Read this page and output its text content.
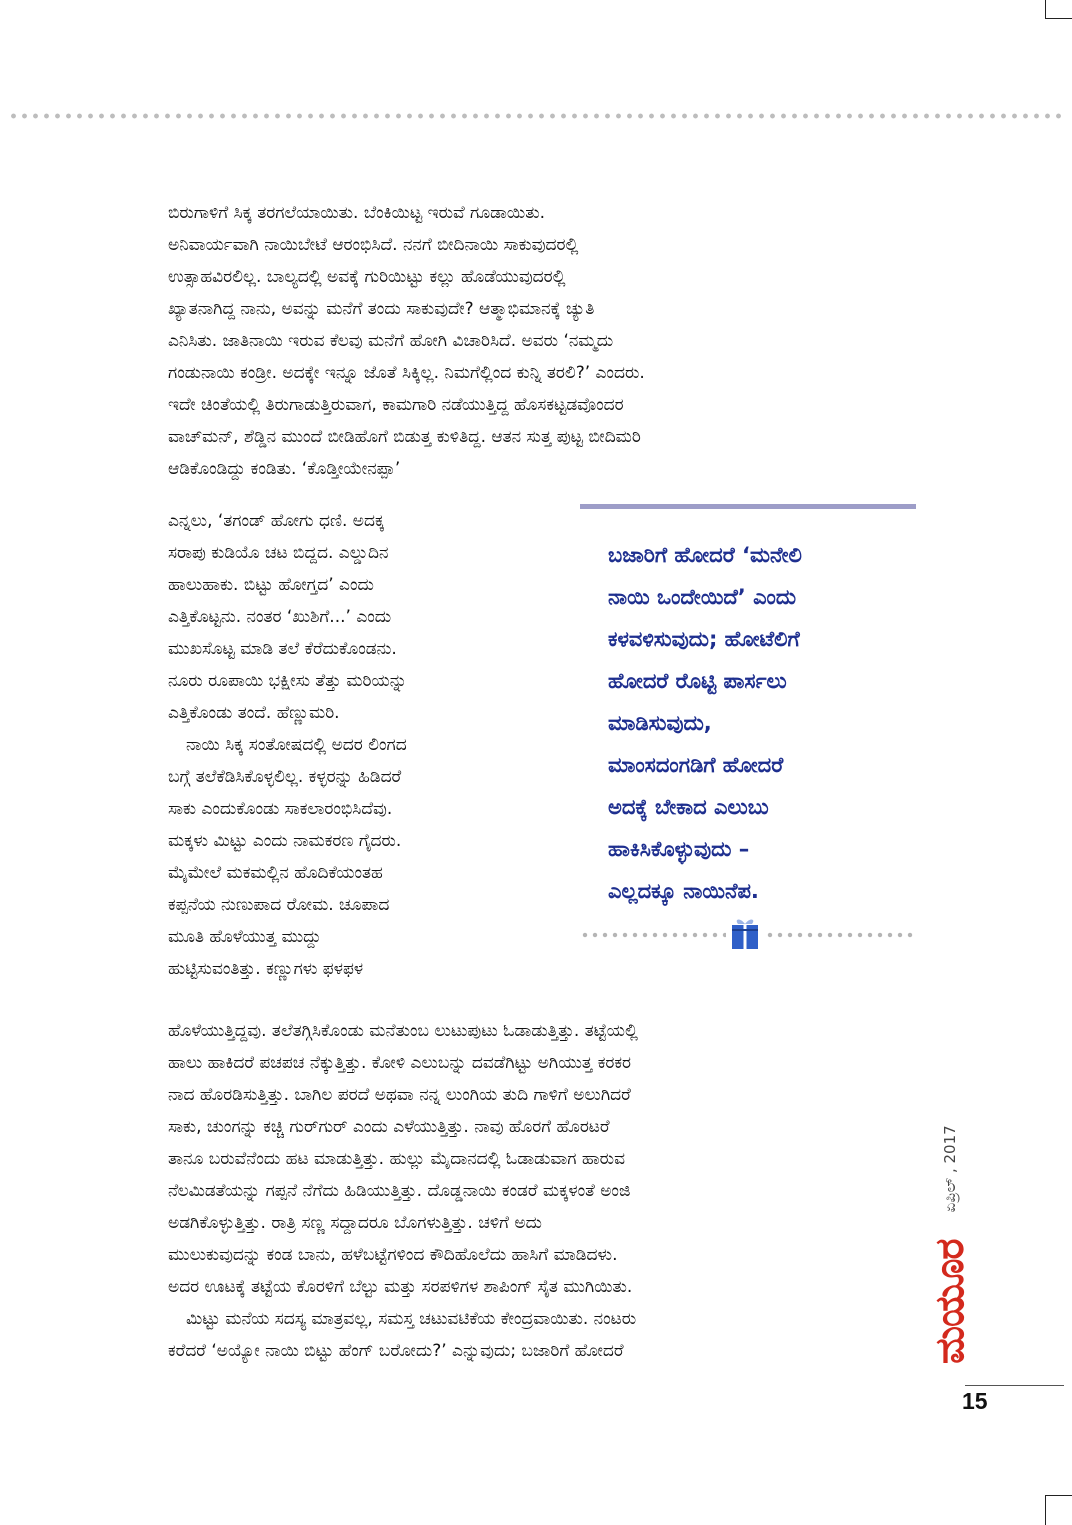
ಬಿರುಗಾಳಿಗೆ ಸಿಕ್ಕ ತರಗಲೆಯಾಯಿತು. ಬೆಂಕಿಯಿಟ್ಟ ಇರುವೆ ಗೂಡಾಯಿತು.

ಅನಿವಾರ್ಯವಾಗಿ ನಾಯಿಬೇಟೆ ಆರಂಭಿಸಿದೆ. ನನಗೆ ಬೀದಿನಾಯಿ ಸಾಕುವುದರಲ್ಲಿ

ಉತ್ಸಾಹವಿರಲಿಲ್ಲ. ಬಾಲ್ಯದಲ್ಲಿ ಅವಕ್ಕೆ ಗುರಿಯಿಟ್ಟು ಕಲ್ಲು ಹೊಡೆಯುವುದರಲ್ಲಿ

ಖ್ಯಾತನಾಗಿದ್ದ ನಾನು, ಅವನ್ನು ಮನೆಗೆ ತಂದು ಸಾಕುವುದೇ? ಆತ್ಮಾಭಿಮಾನಕ್ಕೆ ಚ್ಯುತಿ

ಎನಿಸಿತು. ಜಾತಿನಾಯಿ ಇರುವ ಕೆಲವು ಮನೆಗೆ ಹೋಗಿ ವಿಚಾರಿಸಿದೆ. ಅವರು ‘ನಮ್ಮದು

ಗಂಡುನಾಯಿ ಕಂಡ್ರೀ. ಅದಕ್ಕೇ ಇನ್ನೂ ಜೊತೆ ಸಿಕ್ಕಿಲ್ಲ. ನಿಮಗೆಲ್ಲಿಂದ ಕುನ್ನಿ ತರಲಿ?’ ಎಂದರು.

ಇದೇ ಚಿಂತೆಯಲ್ಲಿ ತಿರುಗಾಡುತ್ತಿರುವಾಗ, ಕಾಮಗಾರಿ ನಡೆಯುತ್ತಿದ್ದ ಹೊಸಕಟ್ಟಡವೊಂದರ

ವಾಚ್‌ಮನ್, ಶೆಡ್ಡಿನ ಮುಂದೆ ಬೀಡಿಹೊಗೆ ಬಿಡುತ್ತ ಕುಳಿತಿದ್ದ. ಆತನ ಸುತ್ತ ಪುಟ್ಟ ಬೀದಿಮರಿ

ಆಡಿಕೊಂಡಿದ್ದು ಕಂಡಿತು. ‘ಕೊಡ್ತೀಯೇನಪ್ಪಾ’

ಎನ್ನಲು, ‘ತಗಂಡ್ ಹೋಗು ಧಣಿ. ಅದಕ್ಕ

ಸರಾಪು ಕುಡಿಯೊ ಚಟ ಬಿದ್ದದ. ಎಲ್ಡುದಿನ

ಹಾಲುಹಾಕು. ಬಿಟ್ಟು ಹೋಗ್ತದ’ ಎಂದು

ಎತ್ತಿಕೊಟ್ಟನು. ನಂತರ ‘ಖುಶಿಗೆ...’ ಎಂದು

ಮುಖಸೊಟ್ಟ ಮಾಡಿ ತಲೆ ಕೆರೆದುಕೊಂಡನು.

ನೂರು ರೂಪಾಯಿ ಭಕ್ಷೀಸು ತೆತ್ತು ಮರಿಯನ್ನು

ಎತ್ತಿಕೊಂಡು ತಂದೆ. ಹೆಣ್ಣುಮರಿ.

ನಾಯಿ ಸಿಕ್ಕ ಸಂತೋಷದಲ್ಲಿ ಅದರ ಲಿಂಗದ

ಬಗ್ಗೆ ತಲೆಕೆಡಿಸಿಕೊಳ್ಳಲಿಲ್ಲ. ಕಳ್ಳರನ್ನು ಹಿಡಿದರೆ

ಸಾಕು ಎಂದುಕೊಂಡು ಸಾಕಲಾರಂಭಿಸಿದೆವು.

ಮಕ್ಕಳು ಮಿಟ್ಟು ಎಂದು ನಾಮಕರಣ ಗೈದರು.

ಮೈಮೇಲೆ ಮಕಮಲ್ಲಿನ ಹೊದಿಕೆಯಂತಹ

ಕಪ್ಪನೆಯ ನುಣುಪಾದ ರೋಮ. ಚೂಪಾದ

ಮೂತಿ ಹೊಳೆಯುತ್ತ ಮುದ್ದು

ಹುಟ್ಟಿಸುವಂತಿತ್ತು. ಕಣ್ಣುಗಳು ಫಳಫಳ

ಹೊಳೆಯುತ್ತಿದ್ದವು. ತಲೆತಗ್ಗಿಸಿಕೊಂಡು ಮನೆತುಂಬ ಲುಟುಪುಟು ಓಡಾಡುತ್ತಿತ್ತು. ತಟ್ಟೆಯಲ್ಲಿ

ಹಾಲು ಹಾಕಿದರೆ ಪಚಪಚ ನೆಕ್ಕುತ್ತಿತ್ತು. ಕೋಳಿ ಎಲುಬನ್ನು ದವಡೆಗಿಟ್ಟು ಅಗಿಯುತ್ತ ಕರಕರ

ನಾದ ಹೊರಡಿಸುತ್ತಿತ್ತು. ಬಾಗಿಲ ಪರದೆ ಅಥವಾ ನನ್ನ ಲುಂಗಿಯ ತುದಿ ಗಾಳಿಗೆ ಅಲುಗಿದರೆ

ಸಾಕು, ಚುಂಗನ್ನು ಕಚ್ಚಿ ಗುರ್‌ಗುರ್ ಎಂದು ಎಳೆಯುತ್ತಿತ್ತು. ನಾವು ಹೊರಗೆ ಹೊರಟರೆ

ತಾನೂ ಬರುವೆನೆಂದು ಹಟ ಮಾಡುತ್ತಿತ್ತು. ಹುಲ್ಲು ಮೈದಾನದಲ್ಲಿ ಓಡಾಡುವಾಗ ಹಾರುವ

ನೆಲಮಿಡತೆಯನ್ನು ಗಪ್ಪನೆ ನೆಗೆದು ಹಿಡಿಯುತ್ತಿತ್ತು. ದೊಡ್ಡನಾಯಿ ಕಂಡರೆ ಮಕ್ಕಳಂತೆ ಅಂಜಿ

ಅಡಗಿಕೊಳ್ಳುತ್ತಿತ್ತು. ರಾತ್ರಿ ಸಣ್ಣ ಸದ್ದಾದರೂ ಬೊಗಳುತ್ತಿತ್ತು. ಚಳಿಗೆ ಅದು

ಮುಲುಕುವುದನ್ನು ಕಂಡ ಬಾನು, ಹಳೆಬಟ್ಟೆಗಳಿಂದ ಕೌದಿಹೊಲೆದು ಹಾಸಿಗೆ ಮಾಡಿದಳು.

ಅದರ ಊಟಕ್ಕೆ ತಟ್ಟೆಯ ಕೊರಳಿಗೆ ಬೆಲ್ಟು ಮತ್ತು ಸರಪಳಿಗಳ ಶಾಪಿಂಗ್ ಸೈತ ಮುಗಿಯಿತು.

ಮಿಟ್ಟು ಮನೆಯ ಸದಸ್ಯ ಮಾತ್ರವಲ್ಲ, ಸಮಸ್ತ ಚಟುವಟಿಕೆಯ ಕೇಂದ್ರವಾಯಿತು. ನಂಟರು

ಕರೆದರೆ ‘ಅಯ್ಯೋ ನಾಯಿ ಬಿಟ್ಟು ಹೆಂಗ್ ಬರೋದು?’ ಎನ್ನುವುದು; ಬಜಾರಿಗೆ ಹೋದರೆ

ಬಜಾರಿಗೆ ಹೋದರೆ ‘ಮನೇಲಿ
ನಾಯಿ ಒಂದೇಯಿದೆ’ ಎಂದು
ಕಳವಳಿಸುವುದು; ಹೋಟೆಲಿಗೆ
ಹೋದರೆ ರೊಟ್ಟಿ ಪಾರ್ಸಲು
ಮಾಡಿಸುವುದು,
ಮಾಂಸದಂಗಡಿಗೆ ಹೋದರೆ
ಅದಕ್ಕೆ ಬೇಕಾದ ಎಲುಬು
ಹಾಕಿಸಿಕೊಳ್ಳುವುದು –
ಎಲ್ಲದಕ್ಕೂ ನಾಯಿನೆಪ.
ಮಯೂರ ಏಪ್ರಿಲ್ , 2017
15
